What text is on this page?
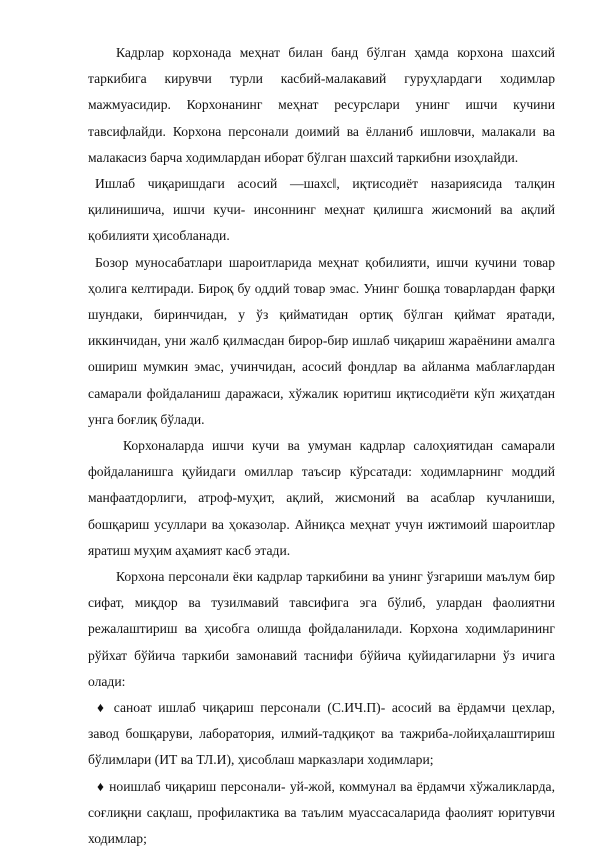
Кадрлар корхонада меҳнат билан банд бўлган ҳамда корхона шахсий таркибига кирувчи турли касбий-малакавий гуруҳлардаги ходимлар мажмуасидир. Корхонанинг меҳнат ресурслари унинг ишчи кучини тавсифлайди. Корхона персонали доимий ва ёлланиб ишловчи, малакали ва малакасиз барча ходимлардан иборат бўлган шахсий таркибни изоҳлайди.

Ишлаб чиқаришдаги асосий ―шахс‖, иқтисодиёт назариясида талқин қилинишича, ишчи кучи- инсоннинг меҳнат қилишга жисмоний ва ақлий қобилияти ҳисобланади.

Бозор муносабатлари шароитларида меҳнат қобилияти, ишчи кучини товар ҳолига келтиради. Бироқ бу оддий товар эмас. Унинг бошқа товарлардан фарқи шундаки, биринчидан, у ўз қийматидан ортиқ бўлган қиймат яратади, иккинчидан, уни жалб қилмасдан бирор-бир ишлаб чиқариш жараёнини амалга ошириш мумкин эмас, учинчидан, асосий фондлар ва айланма маблағлардан самарали фойдаланиш даражаси, хўжалик юритиш иқтисодиёти кўп жиҳатдан унга боғлиқ бўлади.

Корхоналарда ишчи кучи ва умуман кадрлар салоҳиятидан самарали фойдаланишга қуйидаги омиллар таъсир кўрсатади: ходимларнинг моддий манфаатдорлиги, атроф-муҳит, ақлий, жисмоний ва асаблар кучланиши, бошқариш усуллари ва ҳоказолар. Айниқса меҳнат учун ижтимоий шароитлар яратиш муҳим аҳамият касб этади.

Корхона персонали ёки кадрлар таркибини ва унинг ўзгариши маълум бир сифат, миқдор ва тузилмавий тавсифига эга бўлиб, улардан фаолиятни режалаштириш ва ҳисобга олишда фойдаланилади. Корхона ходимларининг рўйхат бўйича таркиби замонавий таснифи бўйича қуйидагиларни ўз ичига олади:

♦ саноат ишлаб чиқариш персонали (С.ИЧ.П)- асосий ва ёрдамчи цехлар, завод бошқаруви, лаборатория, илмий-тадқиқот ва тажриба-лойиҳалаштириш бўлимлари (ИТ ва ТЛ.И), ҳисоблаш марказлари ходимлари;

♦ ноишлаб чиқариш персонали- уй-жой, коммунал ва ёрдамчи хўжаликларда, соғлиқни сақлаш, профилактика ва таълим муассасаларида фаолият юритувчи ходимлар;
